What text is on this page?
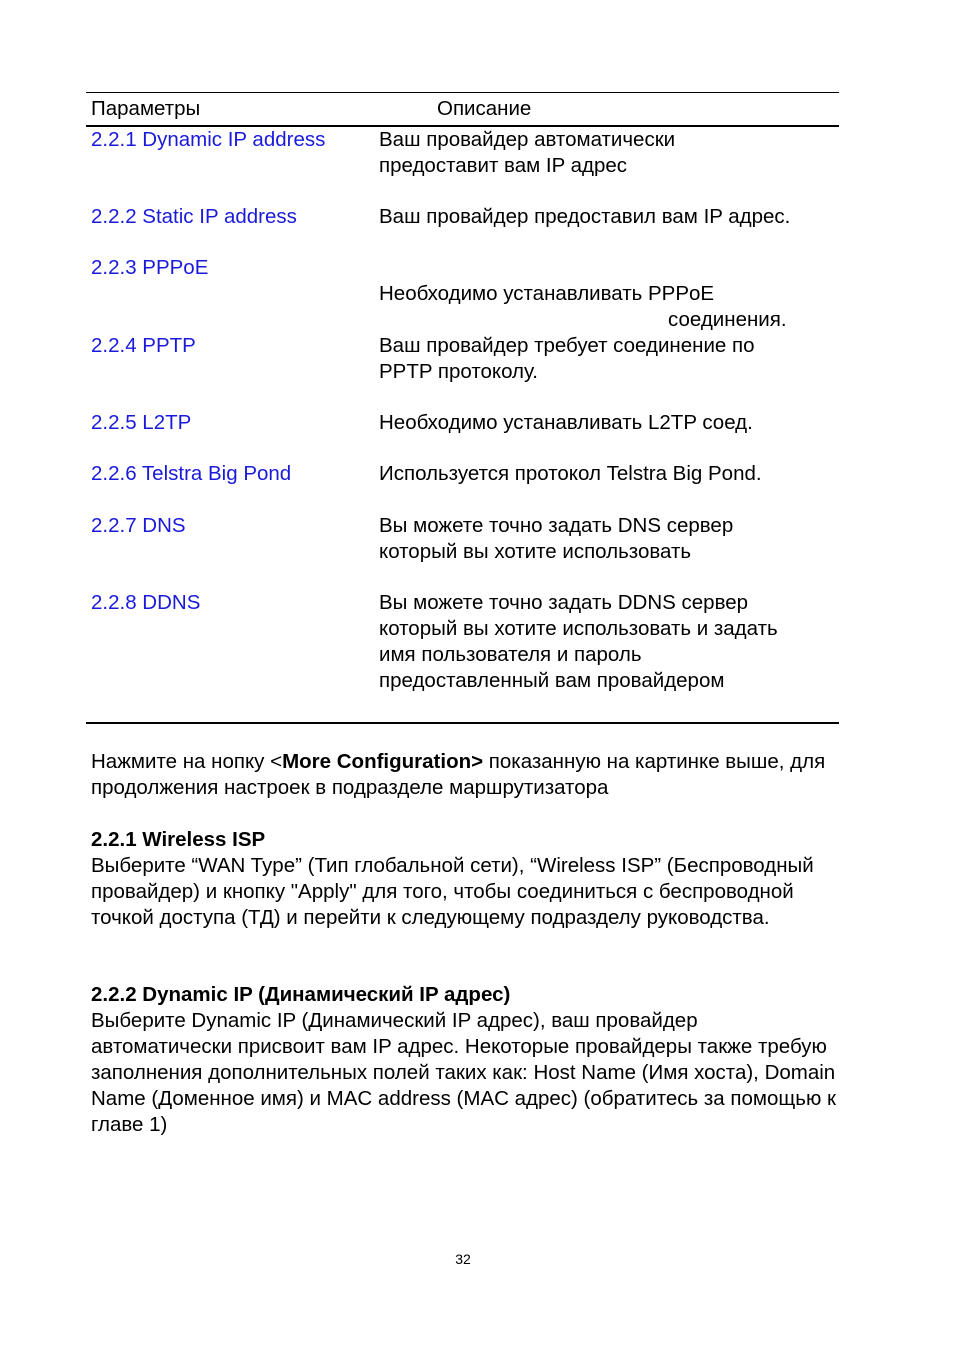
Параметры	Описание
2.2.1 Dynamic IP address	Ваш провайдер автоматически
предоставит вам IP адрес
2.2.2 Static IP address	Ваш провайдер предоставил вам IP адрес.
2.2.3 PPPoE

Необходимо устанавливать PPPoE

соединения.

2.2.4 PPTP	Ваш провайдер требует соединение по
PPTP протоколу.
2.2.5 L2TP	Необходимо устанавливать L2TP соед.
2.2.6 Telstra Big Pond	Используется протокол Telstra Big Pond.
2.2.7 DNS	Вы можете точно задать DNS сервер
который вы хотите использовать
2.2.8 DDNS	Вы можете точно задать DDNS сервер
который вы хотите использовать и задать
имя пользователя и пароль
предоставленный вам провайдером
Нажмите на нопку <More Configuration> показанную на картинке выше, для продолжения настроек в подразделе маршрутизатора
2.2.1 Wireless ISP
Выберите “WAN Type” (Тип глобальной сети), “Wireless ISP” (Беспроводный провайдер) и кнопку "Apply" для того, чтобы соединиться с беспроводной точкой доступа (ТД) и перейти к следующему подразделу руководства.
2.2.2 Dynamic IP (Динамический IP адрес)
Выберите Dynamic IP (Динамический IP адрес), ваш провайдер автоматически присвоит вам IP адрес. Некоторые провайдеры также требую заполнения дополнительных полей таких как: Host Name (Имя хоста), Domain Name (Доменное имя) и MAC address (MAC адрес) (обратитесь за помощью к главе 1)
32
